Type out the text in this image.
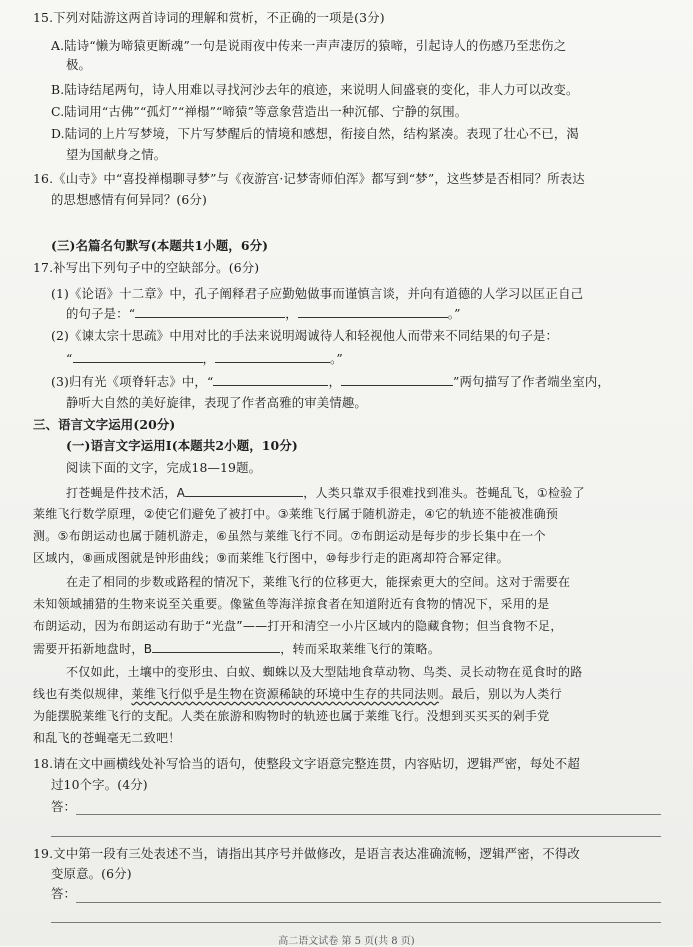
15.下列对陆游这两首诗词的理解和赏析，不正确的一项是(3分)
A.陆诗“懒为啼猿更断魂”一句是说雨夜中传来一声声凄厉的猿啼，引起诗人的伤感乃至悲伤之
极。
B.陆诗结尾两句，诗人用难以寻找河沙去年的痕迹，来说明人间盛衰的变化，非人力可以改变。
C.陆词用“古佛”“孤灯”“禅榻”“啼猿”等意象营造出一种沉郁、宁静的氛围。
D.陆词的上片写梦境，下片写梦醒后的情境和感想，衔接自然，结构紧凑。表现了壮心不已，渴
望为国献身之情。
16.《山寺》中“喜投禅榻聊寻梦”与《夜游宫·记梦寄师伯浑》都写到“梦”，这些梦是否相同？所表达
的思想感情有何异同？(6分)
(三)名篇名句默写(本题共1小题，6分)
17.补写出下列句子中的空缺部分。(6分)
(1)《论语》十二章》中，孔子阐释君子应勤勉做事而谨慎言谈，并向有道德的人学习以匡正自己
的句子是：“	，	。”
(2)《谏太宗十思疏》中用对比的手法来说明竭诚待人和轻视他人而带来不同结果的句子是：
“	，	。”
(3)归有光《项脊轩志》中，“	，	”两句描写了作者端坐室内，
静听大自然的美好旋律，表现了作者高雅的审美情趣。
三、语言文字运用(20分)
(一)语言文字运用Ⅰ(本题共2小题，10分)
阅读下面的文字，完成18—19题。
打苍蝇是件技术活，A	，人类只靠双手很难找到准头。苍蝇乱飞，①检验了
莱维飞行数学原理，②使它们避免了被打中。③莱维飞行属于随机游走，④它的轨迹不能被准确预
测。⑤布朗运动也属于随机游走，⑥虽然与莱维飞行不同。⑦布朗运动是每步的步长集中在一个
区域内，⑧画成图就是钟形曲线；⑨而莱维飞行图中，⑩每步行走的距离却符合幂定律。
在走了相同的步数或路程的情况下，莱维飞行的位移更大，能探索更大的空间。这对于需要在
未知领域捕猎的生物来说至关重要。像鲨鱼等海洋掠食者在知道附近有食物的情况下，采用的是
布朗运动，因为布朗运动有助于“光盘”——打开和清空一小片区域内的隐藏食物；但当食物不足，
需要开拓新地盘时，B	，转而采取莱维飞行的策略。
不仅如此，土壤中的变形虫、白蚁、蜘蛛以及大型陆地食草动物、鸟类、灵长动物在觅食时的路
线也有类似规律，莱维飞行似乎是生物在资源稀缺的环境中生存的共同法则。最后，别以为人类行
为能摆脱莱维飞行的支配。人类在旅游和购物时的轨迹也属于莱维飞行。没想到买买买的剁手党
和乱飞的苍蝇毫无二致吧！
18.请在文中画横线处补写恰当的语句，使整段文字语意完整连贯，内容贴切，逻辑严密，每处不超
过10个字。(4分)
答：
19.文中第一段有三处表述不当，请指出其序号并做修改，是语言表达准确流畅，逻辑严密，不得改
变原意。(6分)
答：
高二语文试卷 第 5 页(共 8 页)
